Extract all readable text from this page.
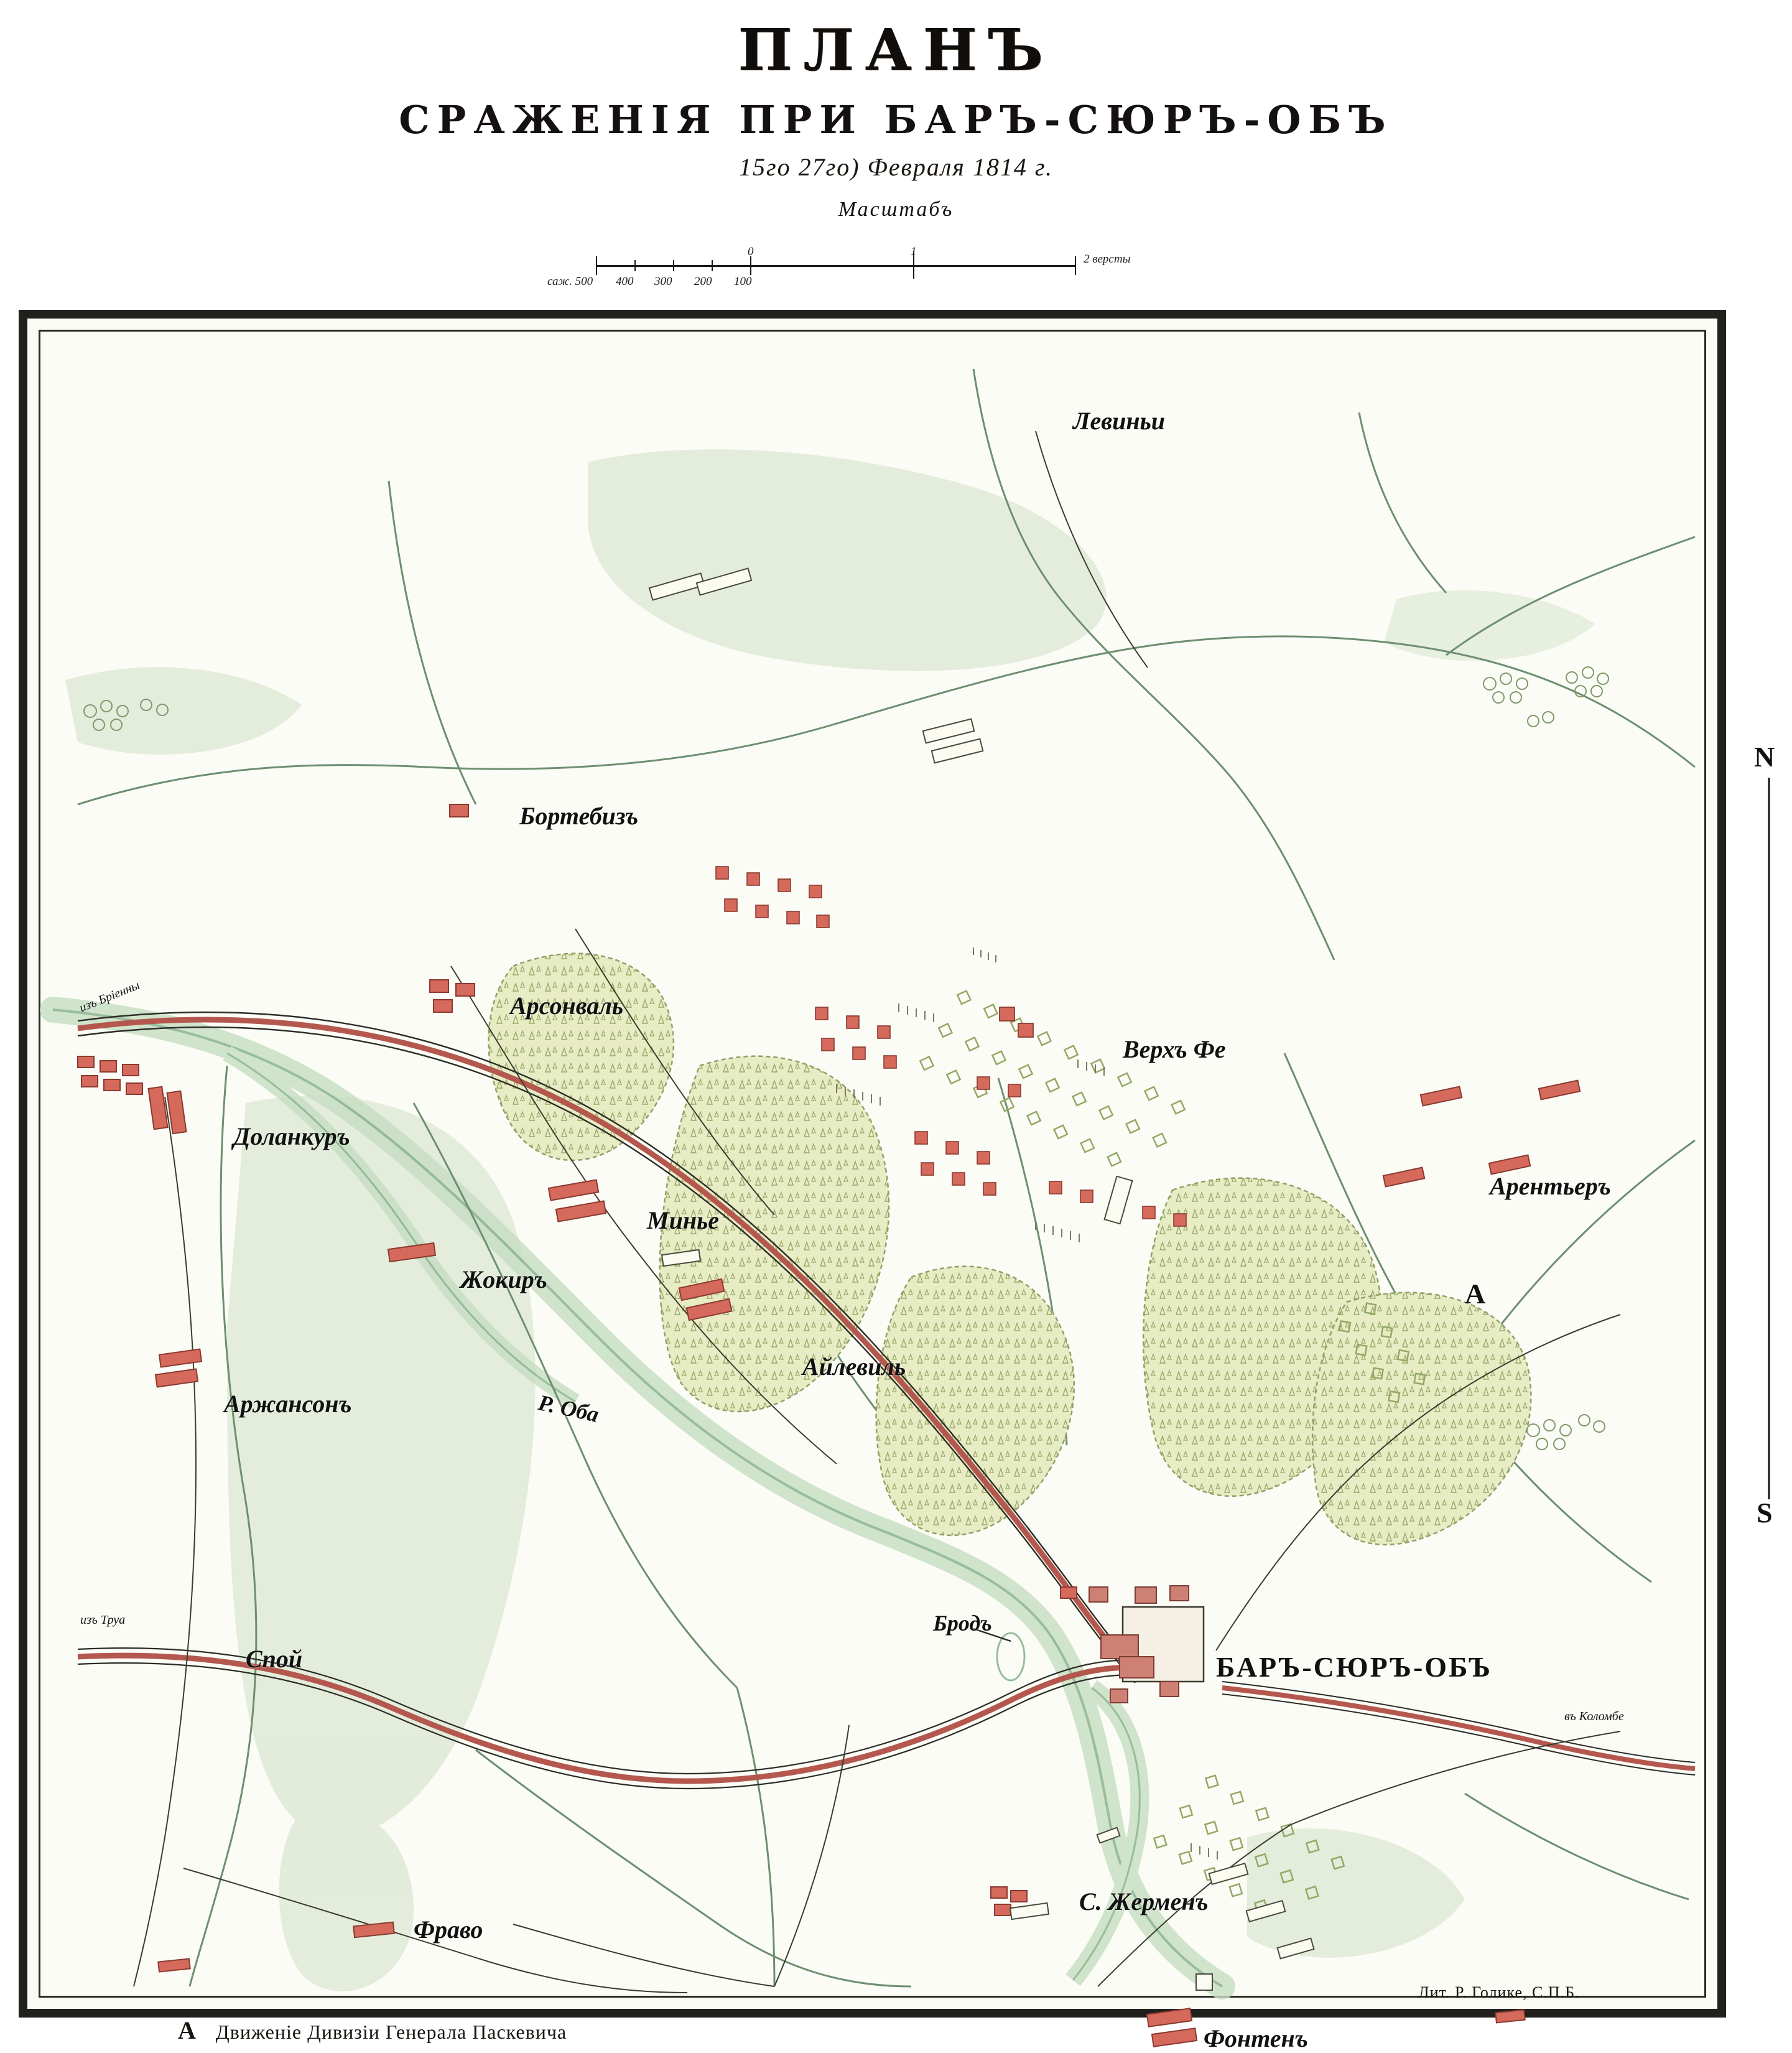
ПЛАНЪ
СРАЖЕНІЯ ПРИ БАРЪ-СЮРЪ-ОБЪ
15го 27го) Февраля 1814 г.
Масштабъ
саж. 500 400 300 200 100
0	1
2 версты
N
S
Левиньи
Бортебизъ
Арсонваль
Верхъ Фе
Доланкуръ
Арентьеръ
Минье
Жокиръ
Айлевиль
Аржансонъ
Бродъ
Спой
С. Жерменъ
Фраво
Фонтенъ
БАРЪ-СЮРЪ-ОБЪ
A
Р. Оба
изъ Бріенны
изъ Труа
въ Коломбе
Лит. Р. Голике, С.П.Б.
A Движеніе Дивизіи Генерала Паскевича
